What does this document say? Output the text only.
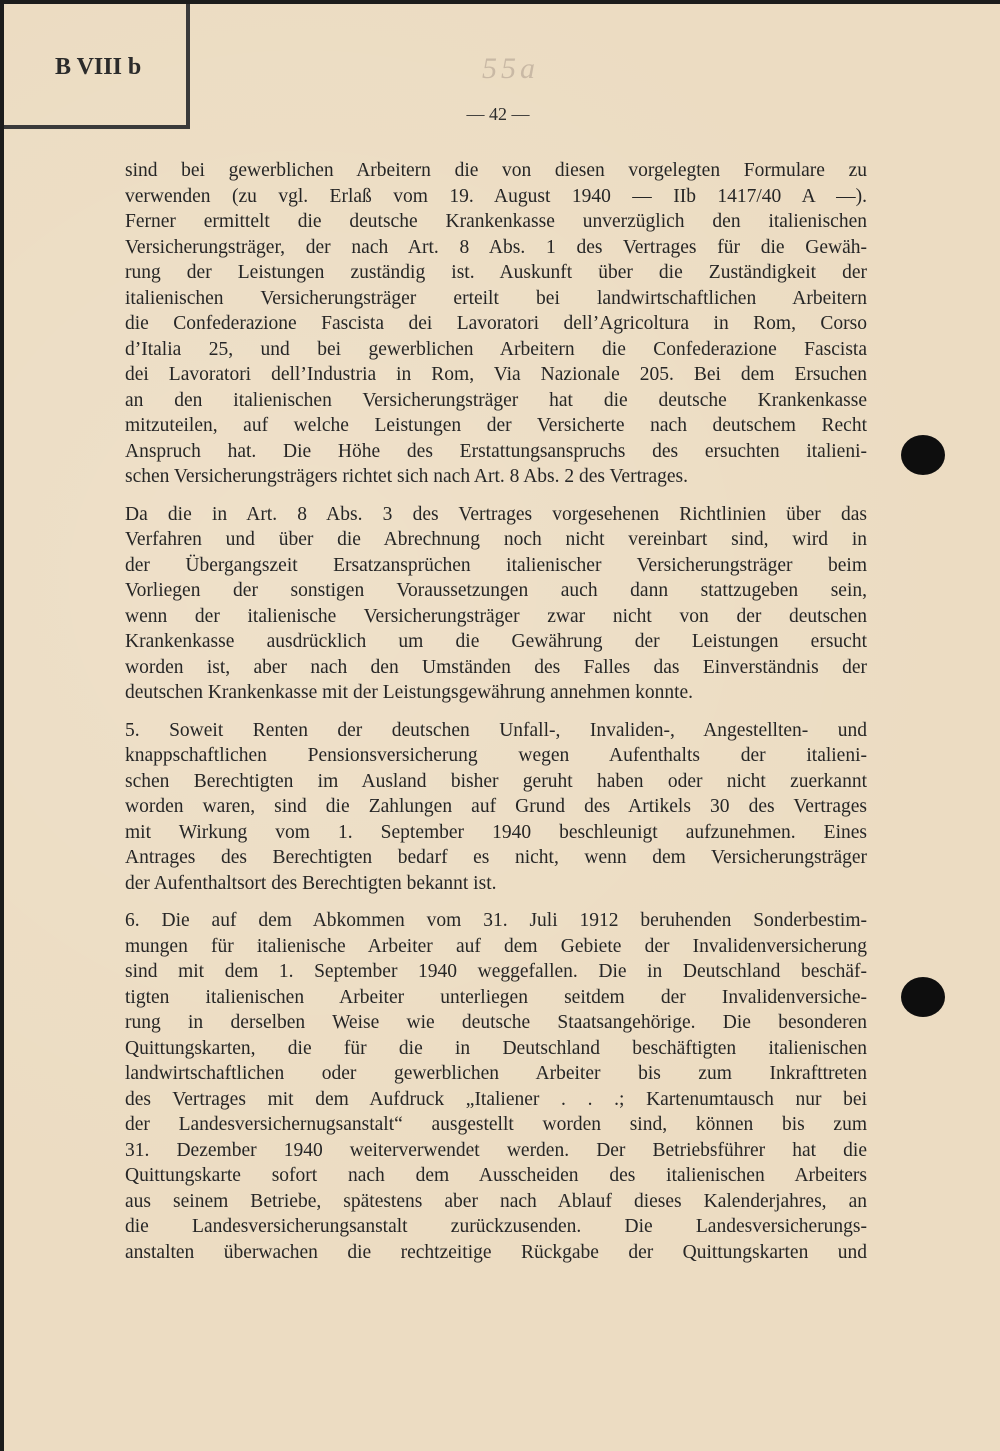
B VIII b	55a
— 42 —
sind bei gewerblichen Arbeitern die von diesen vorgelegten Formulare zu
verwenden (zu vgl. Erlaß vom 19. August 1940 — IIb 1417/40 A —).
Ferner ermittelt die deutsche Krankenkasse unverzüglich den italienischen
Versicherungsträger, der nach Art. 8 Abs. 1 des Vertrages für die Gewäh-
rung der Leistungen zuständig ist. Auskunft über die Zuständigkeit der
italienischen Versicherungsträger erteilt bei landwirtschaftlichen Arbeitern
die Confederazione Fascista dei Lavoratori dell’Agricoltura in Rom, Corso
d’Italia 25, und bei gewerblichen Arbeitern die Confederazione Fascista
dei Lavoratori dell’Industria in Rom, Via Nazionale 205. Bei dem Ersuchen
an den italienischen Versicherungsträger hat die deutsche Krankenkasse
mitzuteilen, auf welche Leistungen der Versicherte nach deutschem Recht
Anspruch hat. Die Höhe des Erstattungsanspruchs des ersuchten italieni-
schen Versicherungsträgers richtet sich nach Art. 8 Abs. 2 des Vertrages.
Da die in Art. 8 Abs. 3 des Vertrages vorgesehenen Richtlinien über das
Verfahren und über die Abrechnung noch nicht vereinbart sind, wird in
der Übergangszeit Ersatzansprüchen italienischer Versicherungsträger beim
Vorliegen der sonstigen Voraussetzungen auch dann stattzugeben sein,
wenn der italienische Versicherungsträger zwar nicht von der deutschen
Krankenkasse ausdrücklich um die Gewährung der Leistungen ersucht
worden ist, aber nach den Umständen des Falles das Einverständnis der
deutschen Krankenkasse mit der Leistungsgewährung annehmen konnte.
5. Soweit Renten der deutschen Unfall-, Invaliden-, Angestellten- und
knappschaftlichen Pensionsversicherung wegen Aufenthalts der italieni-
schen Berechtigten im Ausland bisher geruht haben oder nicht zuerkannt
worden waren, sind die Zahlungen auf Grund des Artikels 30 des Vertrages
mit Wirkung vom 1. September 1940 beschleunigt aufzunehmen. Eines
Antrages des Berechtigten bedarf es nicht, wenn dem Versicherungsträger
der Aufenthaltsort des Berechtigten bekannt ist.
6. Die auf dem Abkommen vom 31. Juli 1912 beruhenden Sonderbestim-
mungen für italienische Arbeiter auf dem Gebiete der Invalidenversicherung
sind mit dem 1. September 1940 weggefallen. Die in Deutschland beschäf-
tigten italienischen Arbeiter unterliegen seitdem der Invalidenversiche-
rung in derselben Weise wie deutsche Staatsangehörige. Die besonderen
Quittungskarten, die für die in Deutschland beschäftigten italienischen
landwirtschaftlichen oder gewerblichen Arbeiter bis zum Inkrafttreten
des Vertrages mit dem Aufdruck „Italiener . . .; Kartenumtausch nur bei
der Landesversichernugsanstalt“ ausgestellt worden sind, können bis zum
31. Dezember 1940 weiterverwendet werden. Der Betriebsführer hat die
Quittungskarte sofort nach dem Ausscheiden des italienischen Arbeiters
aus seinem Betriebe, spätestens aber nach Ablauf dieses Kalenderjahres, an
die Landesversicherungsanstalt zurückzusenden. Die Landesversicherungs-
anstalten überwachen die rechtzeitige Rückgabe der Quittungskarten und
